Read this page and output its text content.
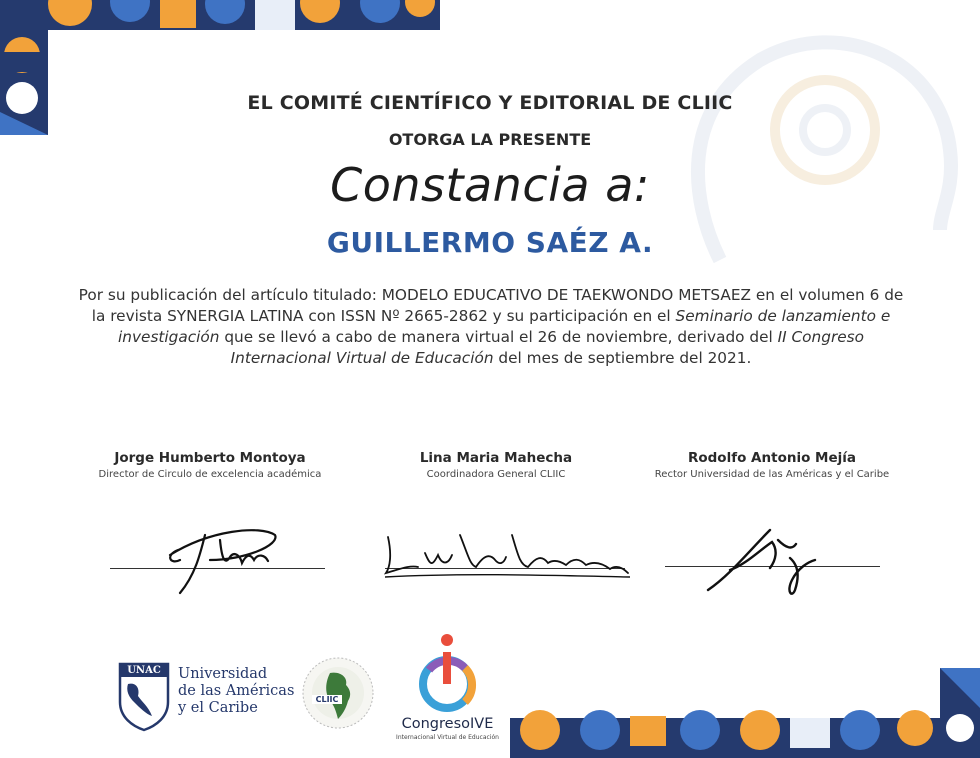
EL COMITÉ CIENTÍFICO Y EDITORIAL DE CLIIC
OTORGA LA PRESENTE
Constancia a:
GUILLERMO SAÉZ A.
Por su publicación del artículo titulado: MODELO EDUCATIVO DE TAEKWONDO METSAEZ en el volumen 6 de la revista SYNERGIA LATINA con ISSN Nº 2665-2862 y su participación en el Seminario de lanzamiento e investigación que se llevó a cabo de manera virtual el 26 de noviembre, derivado del II Congreso Internacional Virtual de Educación del mes de septiembre del 2021.
Jorge Humberto Montoya
Director de Circulo de excelencia académica
Lina Maria Mahecha
Coordinadora General CLIIC
Rodolfo Antonio Mejía
Rector Universidad de las Américas y el Caribe
UNAC	Universidad
de las Américas
y el Caribe
CLIIC
CongresoIVE
Internacional Virtual de Educación
